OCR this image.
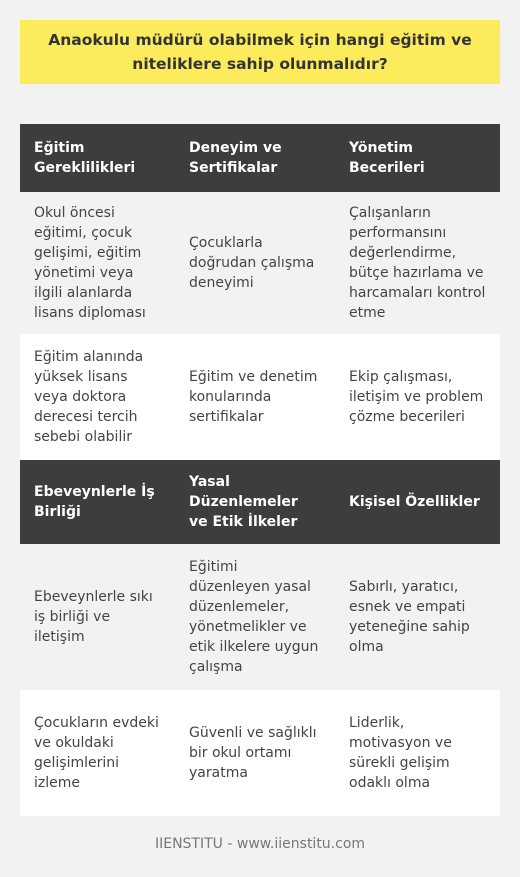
Anaokulu müdürü olabilmek için hangi eğitim ve niteliklere sahip olunmalıdır?
Eğitim Gereklilikleri
Deneyim ve Sertifikalar
Yönetim Becerileri
Okul öncesi eğitimi, çocuk gelişimi, eğitim yönetimi veya ilgili alanlarda lisans diploması
Çocuklarla doğrudan çalışma deneyimi
Çalışanların performansını değerlendirme, bütçe hazırlama ve harcamaları kontrol etme
Eğitim alanında yüksek lisans veya doktora derecesi tercih sebebi olabilir
Eğitim ve denetim konularında sertifikalar
Ekip çalışması, iletişim ve problem çözme becerileri
Ebeveynlerle İş Birliği
Yasal Düzenlemeler ve Etik İlkeler
Kişisel Özellikler
Ebeveynlerle sıkı iş birliği ve iletişim
Eğitimi düzenleyen yasal düzenlemeler, yönetmelikler ve etik ilkelere uygun çalışma
Sabırlı, yaratıcı, esnek ve empati yeteneğine sahip olma
Çocukların evdeki ve okuldaki gelişimlerini izleme
Güvenli ve sağlıklı bir okul ortamı yaratma
Liderlik, motivasyon ve sürekli gelişim odaklı olma
IIENSTITU - www.iienstitu.com
